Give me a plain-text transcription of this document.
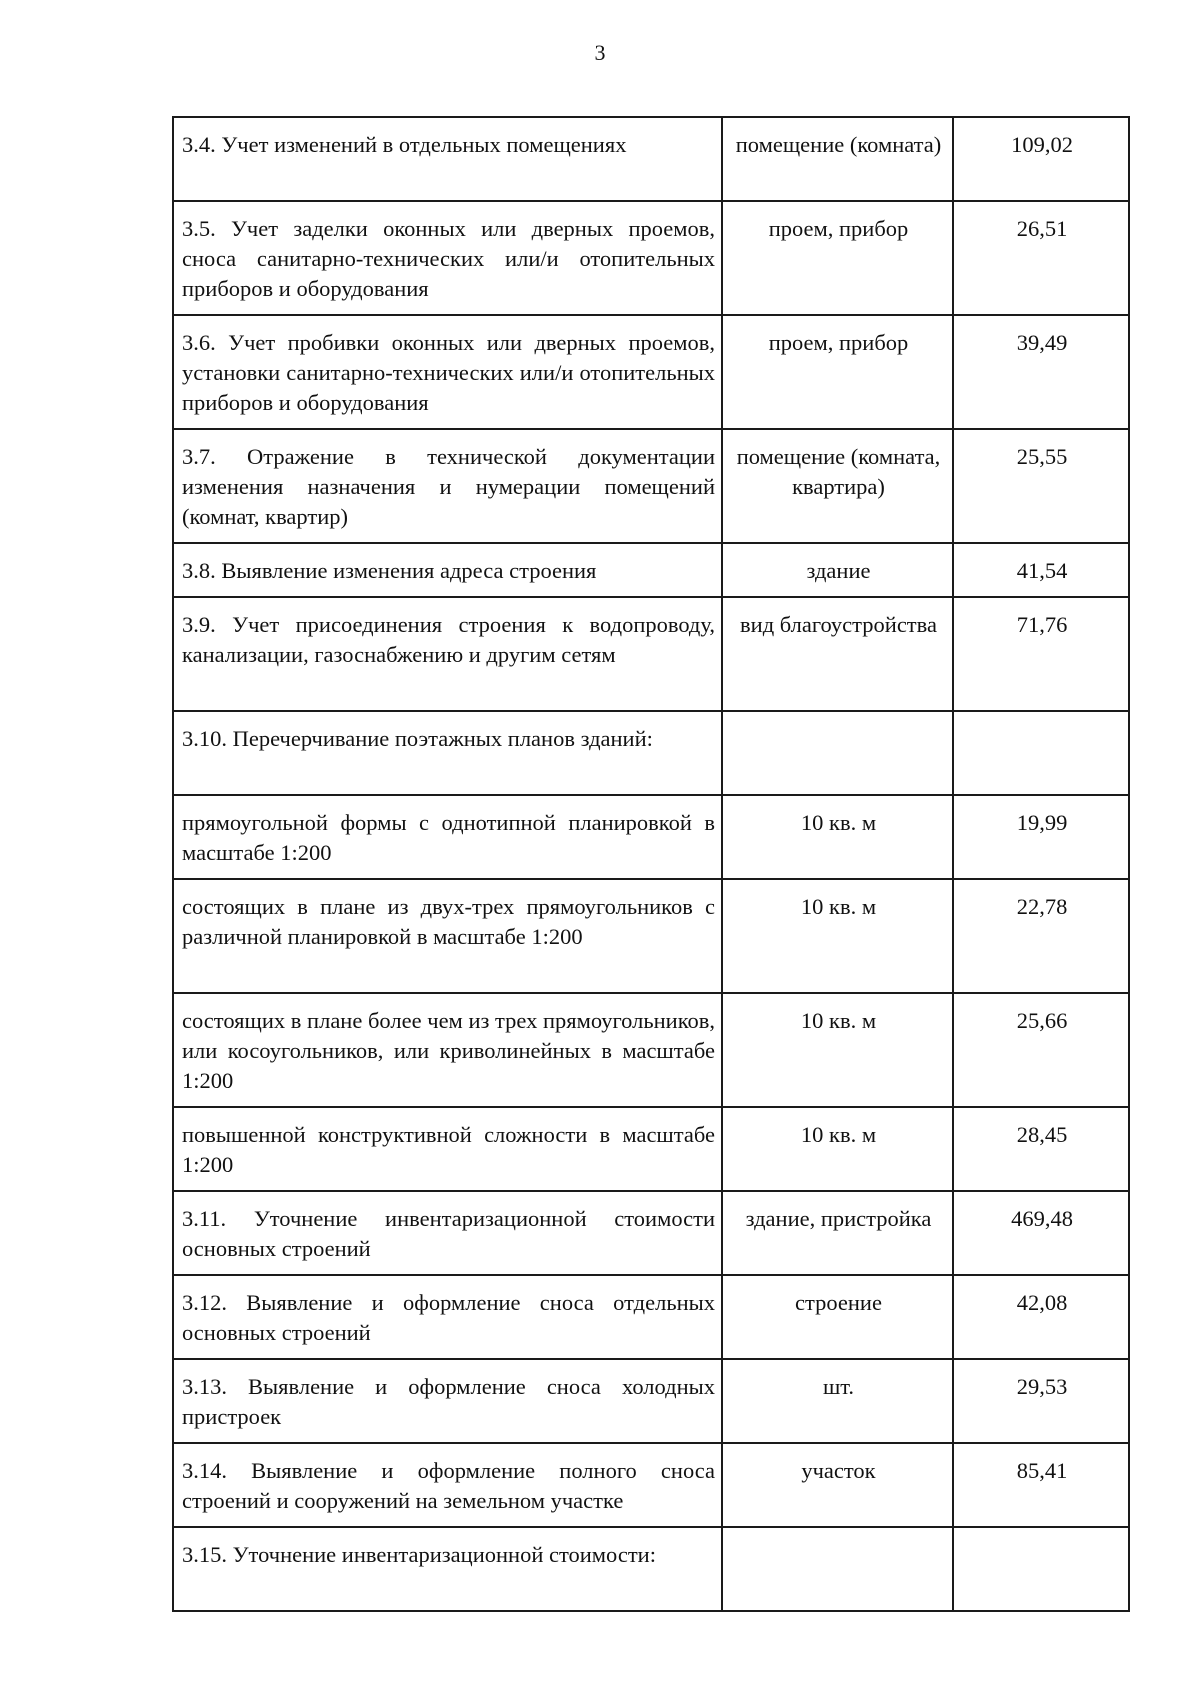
3
3.4. Учет изменений в отдельных помещениях	помещение (комната)	109,02
3.5. Учет заделки оконных или дверных проемов, сноса санитарно-технических или/и отопительных приборов и оборудования	проем, прибор	26,51
3.6. Учет пробивки оконных или дверных проемов, установки санитарно-технических или/и отопительных приборов и оборудования	проем, прибор	39,49
3.7. Отражение в технической документации изменения назначения и нумерации помещений (комнат, квартир)	помещение (комната, квартира)	25,55
3.8. Выявление изменения адреса строения	здание	41,54
3.9. Учет присоединения строения к водопроводу, канализации, газоснабжению и другим сетям	вид благоустройства	71,76
3.10. Перечерчивание поэтажных планов зданий:		
прямоугольной формы с однотипной планировкой в масштабе 1:200	10 кв. м	19,99
состоящих в плане из двух-трех прямоугольников с различной планировкой в масштабе 1:200	10 кв. м	22,78
состоящих в плане более чем из трех прямоугольников, или косоугольников, или криволинейных в масштабе 1:200	10 кв. м	25,66
повышенной конструктивной сложности в масштабе 1:200	10 кв. м	28,45
3.11. Уточнение инвентаризационной стоимости основных строений	здание, пристройка	469,48
3.12. Выявление и оформление сноса отдельных основных строений	строение	42,08
3.13. Выявление и оформление сноса холодных пристроек	шт.	29,53
3.14. Выявление и оформление полного сноса строений и сооружений на земельном участке	участок	85,41
3.15. Уточнение инвентаризационной стоимости:		
